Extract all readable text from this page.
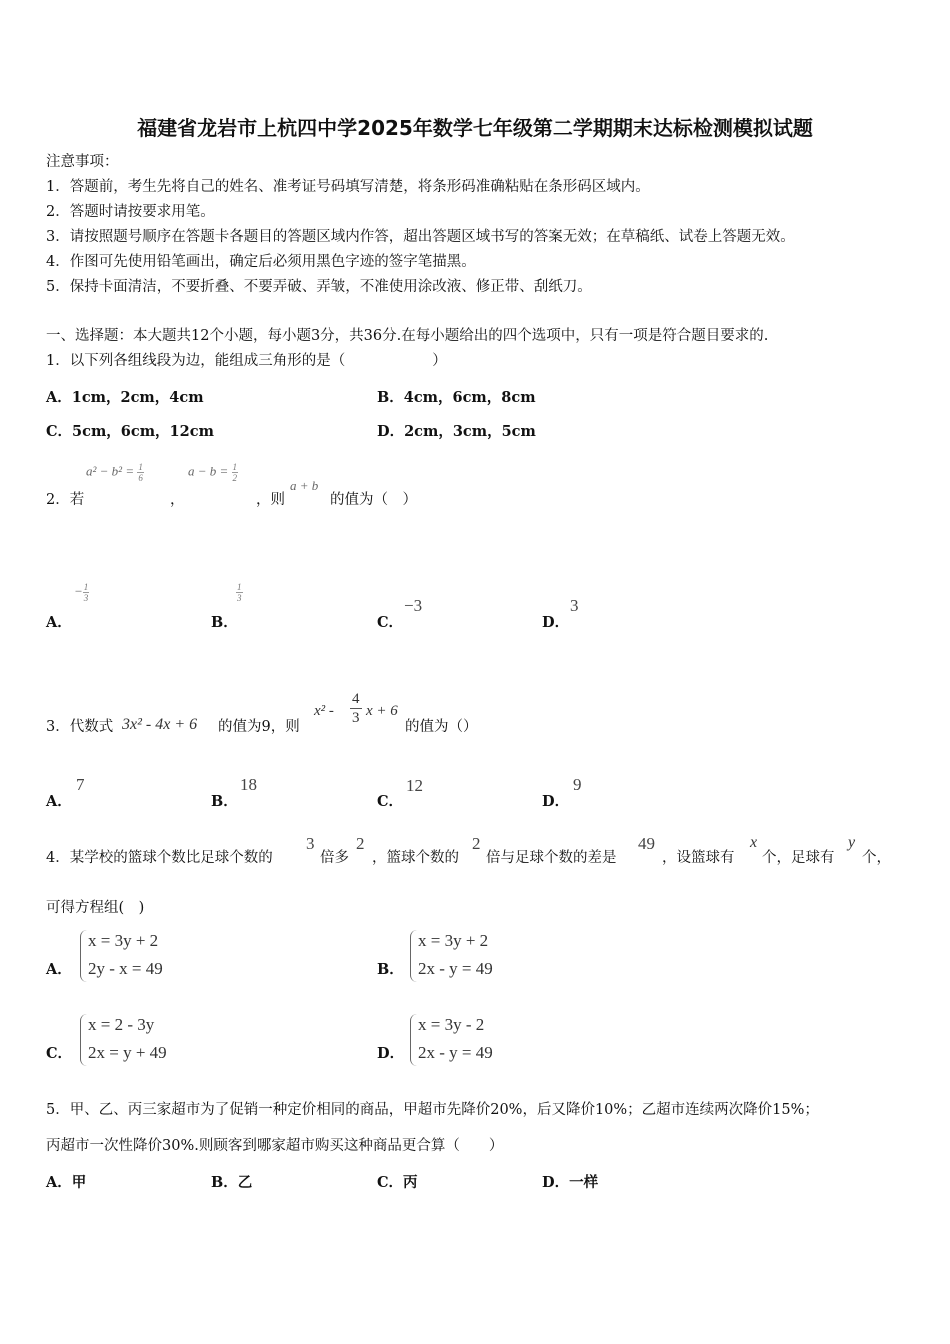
福建省龙岩市上杭四中学2025年数学七年级第二学期期末达标检测模拟试题
注意事项：
1．答题前，考生先将自己的姓名、准考证号码填写清楚，将条形码准确粘贴在条形码区域内。
2．答题时请按要求用笔。
3．请按照题号顺序在答题卡各题目的答题区域内作答，超出答题区域书写的答案无效；在草稿纸、试卷上答题无效。
4．作图可先使用铅笔画出，确定后必须用黑色字迹的签字笔描黑。
5．保持卡面清洁，不要折叠、不要弄破、弄皱，不准使用涂改液、修正带、刮纸刀。
一、选择题：本大题共12个小题，每小题3分，共36分.在每小题给出的四个选项中，只有一项是符合题目要求的.
1．以下列各组线段为边，能组成三角形的是（　　　　　　）
A．1cm，2cm，4cm	B．4cm，6cm，8cm
C．5cm，6cm，12cm	D．2cm，3cm，5cm
$a^2 - b^2 = \frac{1}{6}$	$a - b = \frac{1}{2}$
2．若	，	，则
a + b
的值为（　）
A．
− $\frac{1}{3}$
B．
$\frac{1}{3}$
C．
−3
D．
3
3．代数式 3x² - 4x + 6 的值为9，则
$x^2 - \frac{4}{3}$ x + 6
的值为（）
A．
7
B．
18
C．
12
D．
9
4．某学校的篮球个数比足球个数的
3
倍多
2
，篮球个数的
2
倍与足球个数的差是
49
，设篮球有
x
个，足球有
y
个，
可得方程组(　)
A．
x = 3y + 2
2y - x = 49	B．
x = 3y + 2
2x - y = 49
C．
x = 2 - 3y
2x = y + 49	D．
x = 3y - 2
2x - y = 49
5．甲、乙、丙三家超市为了促销一种定价相同的商品，甲超市先降价20%，后又降价10%；乙超市连续两次降价15%；
丙超市一次性降价30%.则顾客到哪家超市购买这种商品更合算（　　）
A．甲	B．乙	C．丙	D．一样
